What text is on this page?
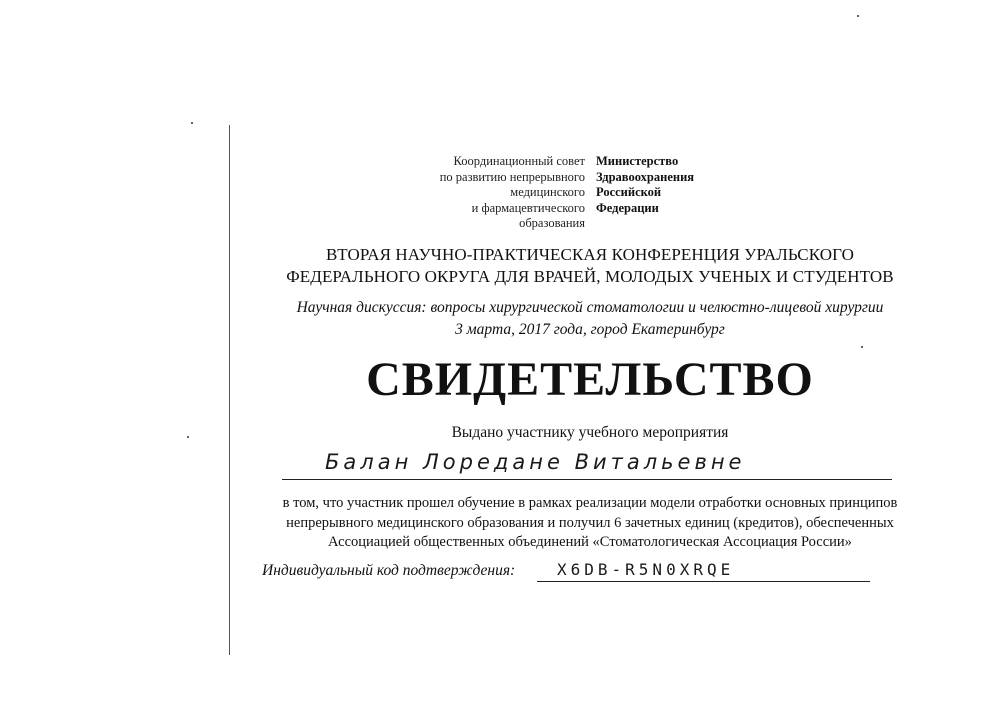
Координационный совет
по развитию непрерывного
медицинского
и фармацевтического
образования
Министерство
Здравоохранения
Российской
Федерации
ВТОРАЯ НАУЧНО-ПРАКТИЧЕСКАЯ КОНФЕРЕНЦИЯ УРАЛЬСКОГО
ФЕДЕРАЛЬНОГО ОКРУГА ДЛЯ ВРАЧЕЙ, МОЛОДЫХ УЧЕНЫХ И СТУДЕНТОВ
Научная дискуссия: вопросы хирургической стоматологии и челюстно-лицевой хирургии
3 марта, 2017 года, город Екатеринбург
СВИДЕТЕЛЬСТВО
Выдано участнику учебного мероприятия
Балан Лоредане Витальевне
в том, что участник прошел обучение в рамках реализации модели отработки основных принципов
непрерывного медицинского образования и получил 6 зачетных единиц (кредитов), обеспеченных
Ассоциацией общественных объединений «Стоматологическая Ассоциация России»
Индивидуальный код подтверждения:	X6DB-R5N0XRQE
